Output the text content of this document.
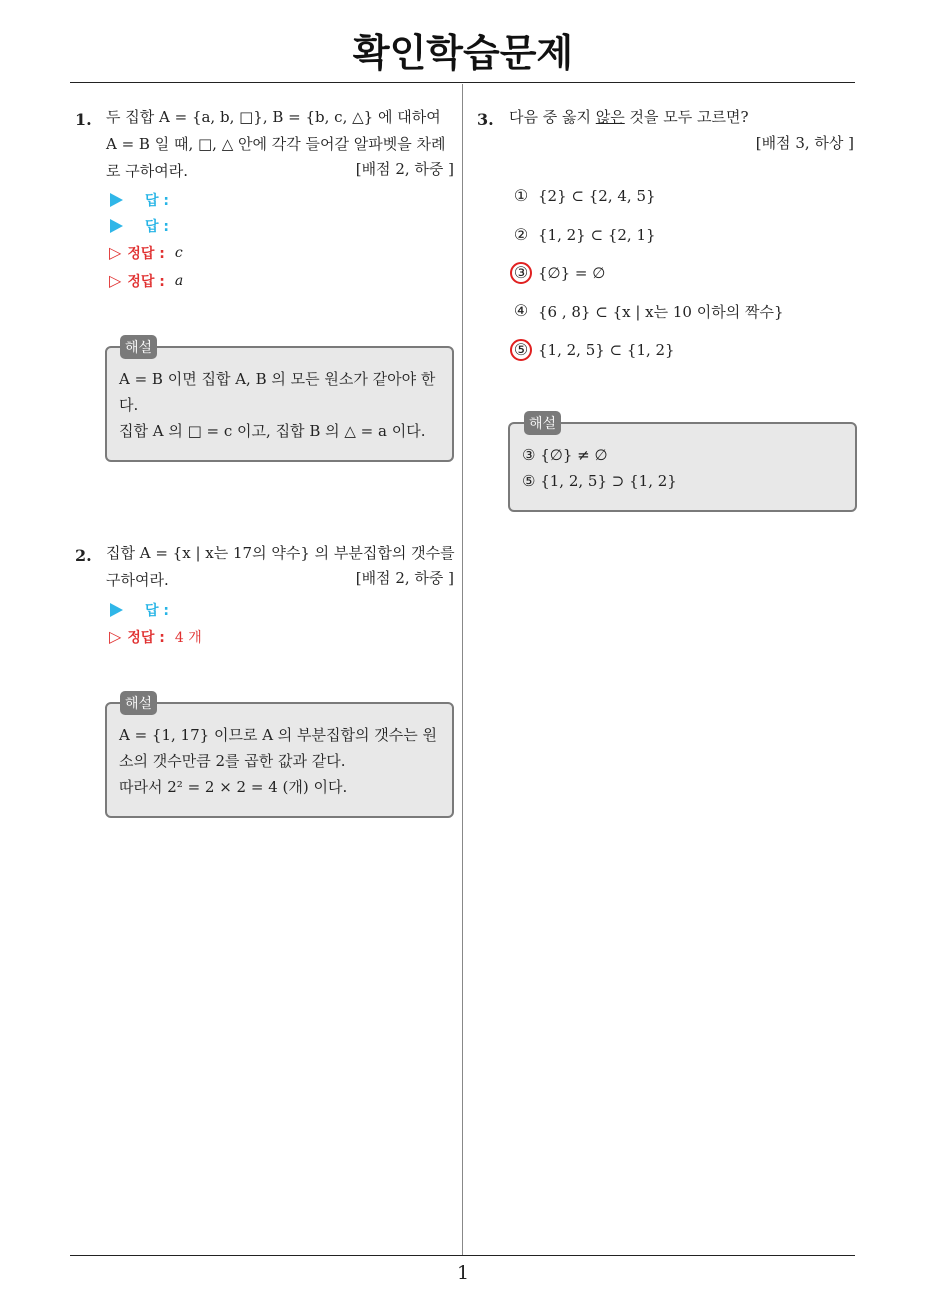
확인학습문제
1. 두 집합 A = {a, b, □}, B = {b, c, △} 에 대하여
A = B 일 때, □, △ 안에 각각 들어갈 알파벳을 차례
로 구하여라.	[배점 2, 하중 ]
답 :
답 :
▷ 정답 : c
▷ 정답 : a
A = B 이면 집합 A, B 의 모든 원소가 같아야 한
다.
집합 A 의 □ = c 이고, 집합 B 의 △ = a 이다.
해설
2. 집합 A = {x | x는 17의 약수} 의 부분집합의 갯수를
구하여라.	[배점 2, 하중 ]
답 :
▷ 정답 : 4 개
A = {1, 17} 이므로 A 의 부분집합의 갯수는 원
소의 갯수만큼 2를 곱한 값과 같다.
따라서 2² = 2 × 2 = 4 (개) 이다.
해설
3. 다음 중 옳지 않은 것을 모두 고르면?
[배점 3, 하상 ]
① {2} ⊂ {2, 4, 5}
② {1, 2} ⊂ {2, 1}
③ {∅} = ∅
④ {6 , 8} ⊂ {x | x는 10 이하의 짝수}
⑤ {1, 2, 5} ⊂ {1, 2}
③ {∅} ≠ ∅
⑤ {1, 2, 5} ⊃ {1, 2}
해설
1
